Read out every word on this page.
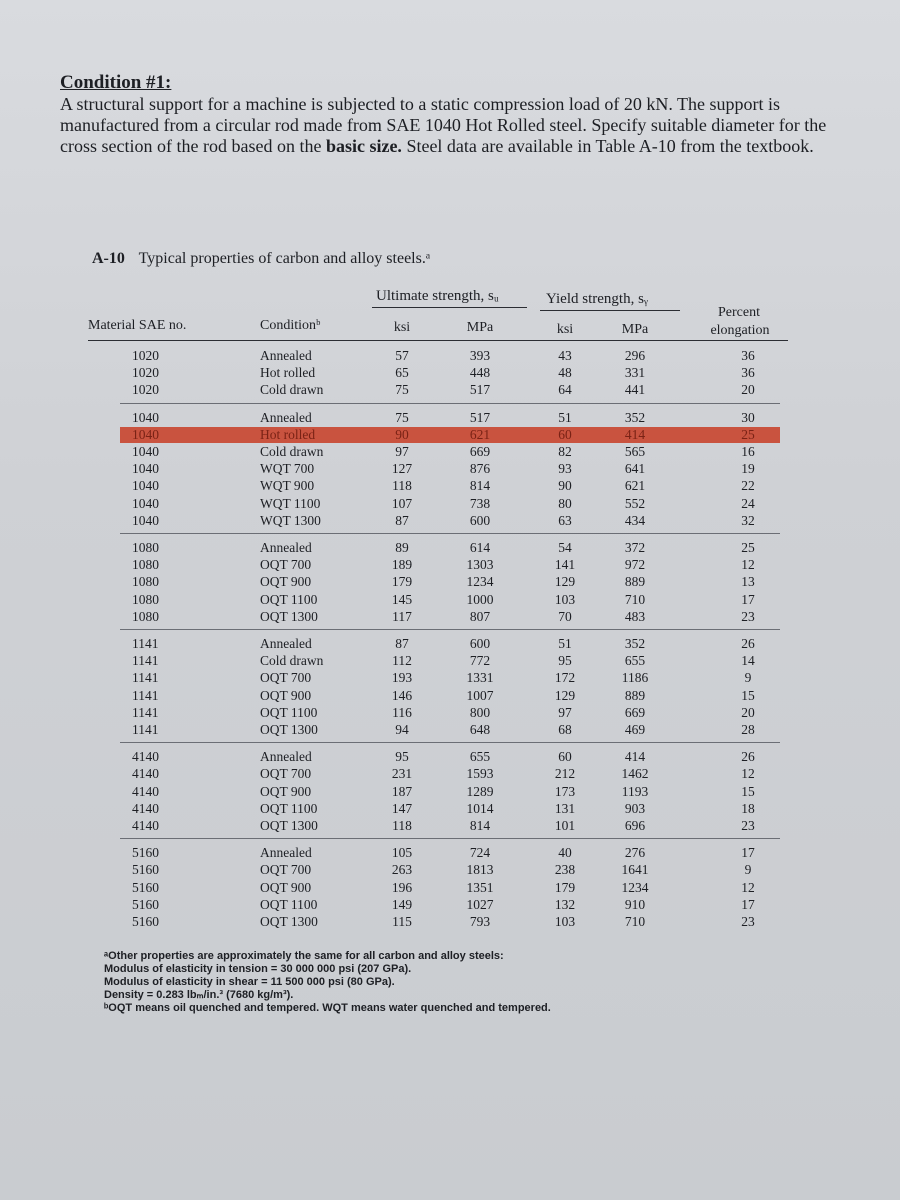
Condition #1:
A structural support for a machine is subjected to a static compression load of 20 kN. The support is manufactured from a circular rod made from SAE 1040 Hot Rolled steel. Specify suitable diameter for the cross section of the rod based on the basic size. Steel data are available in Table A-10 from the textbook.
A-10 Typical properties of carbon and alloy steels.ᵃ
Ultimate strength, sᵤ	Yield strength, sᵧ
Percent
Material SAE no.	Conditionᵇ	ksi	MPa	ksi	MPa	elongation
1020	Annealed	57	393	43	296	36
1020	Hot rolled	65	448	48	331	36
1020	Cold drawn	75	517	64	441	20
1040	Annealed	75	517	51	352	30
1040	Hot rolled	90	621	60	414	25
1040	Cold drawn	97	669	82	565	16
1040	WQT 700	127	876	93	641	19
1040	WQT 900	118	814	90	621	22
1040	WQT 1100	107	738	80	552	24
1040	WQT 1300	87	600	63	434	32
1080	Annealed	89	614	54	372	25
1080	OQT 700	189	1303	141	972	12
1080	OQT 900	179	1234	129	889	13
1080	OQT 1100	145	1000	103	710	17
1080	OQT 1300	117	807	70	483	23
1141	Annealed	87	600	51	352	26
1141	Cold drawn	112	772	95	655	14
1141	OQT 700	193	1331	172	1186	9
1141	OQT 900	146	1007	129	889	15
1141	OQT 1100	116	800	97	669	20
1141	OQT 1300	94	648	68	469	28
4140	Annealed	95	655	60	414	26
4140	OQT 700	231	1593	212	1462	12
4140	OQT 900	187	1289	173	1193	15
4140	OQT 1100	147	1014	131	903	18
4140	OQT 1300	118	814	101	696	23
5160	Annealed	105	724	40	276	17
5160	OQT 700	263	1813	238	1641	9
5160	OQT 900	196	1351	179	1234	12
5160	OQT 1100	149	1027	132	910	17
5160	OQT 1300	115	793	103	710	23
ᵃOther properties are approximately the same for all carbon and alloy steels:
Modulus of elasticity in tension = 30 000 000 psi (207 GPa).
Modulus of elasticity in shear = 11 500 000 psi (80 GPa).
Density = 0.283 lbₘ/in.³ (7680 kg/m³).
ᵇOQT means oil quenched and tempered. WQT means water quenched and tempered.
